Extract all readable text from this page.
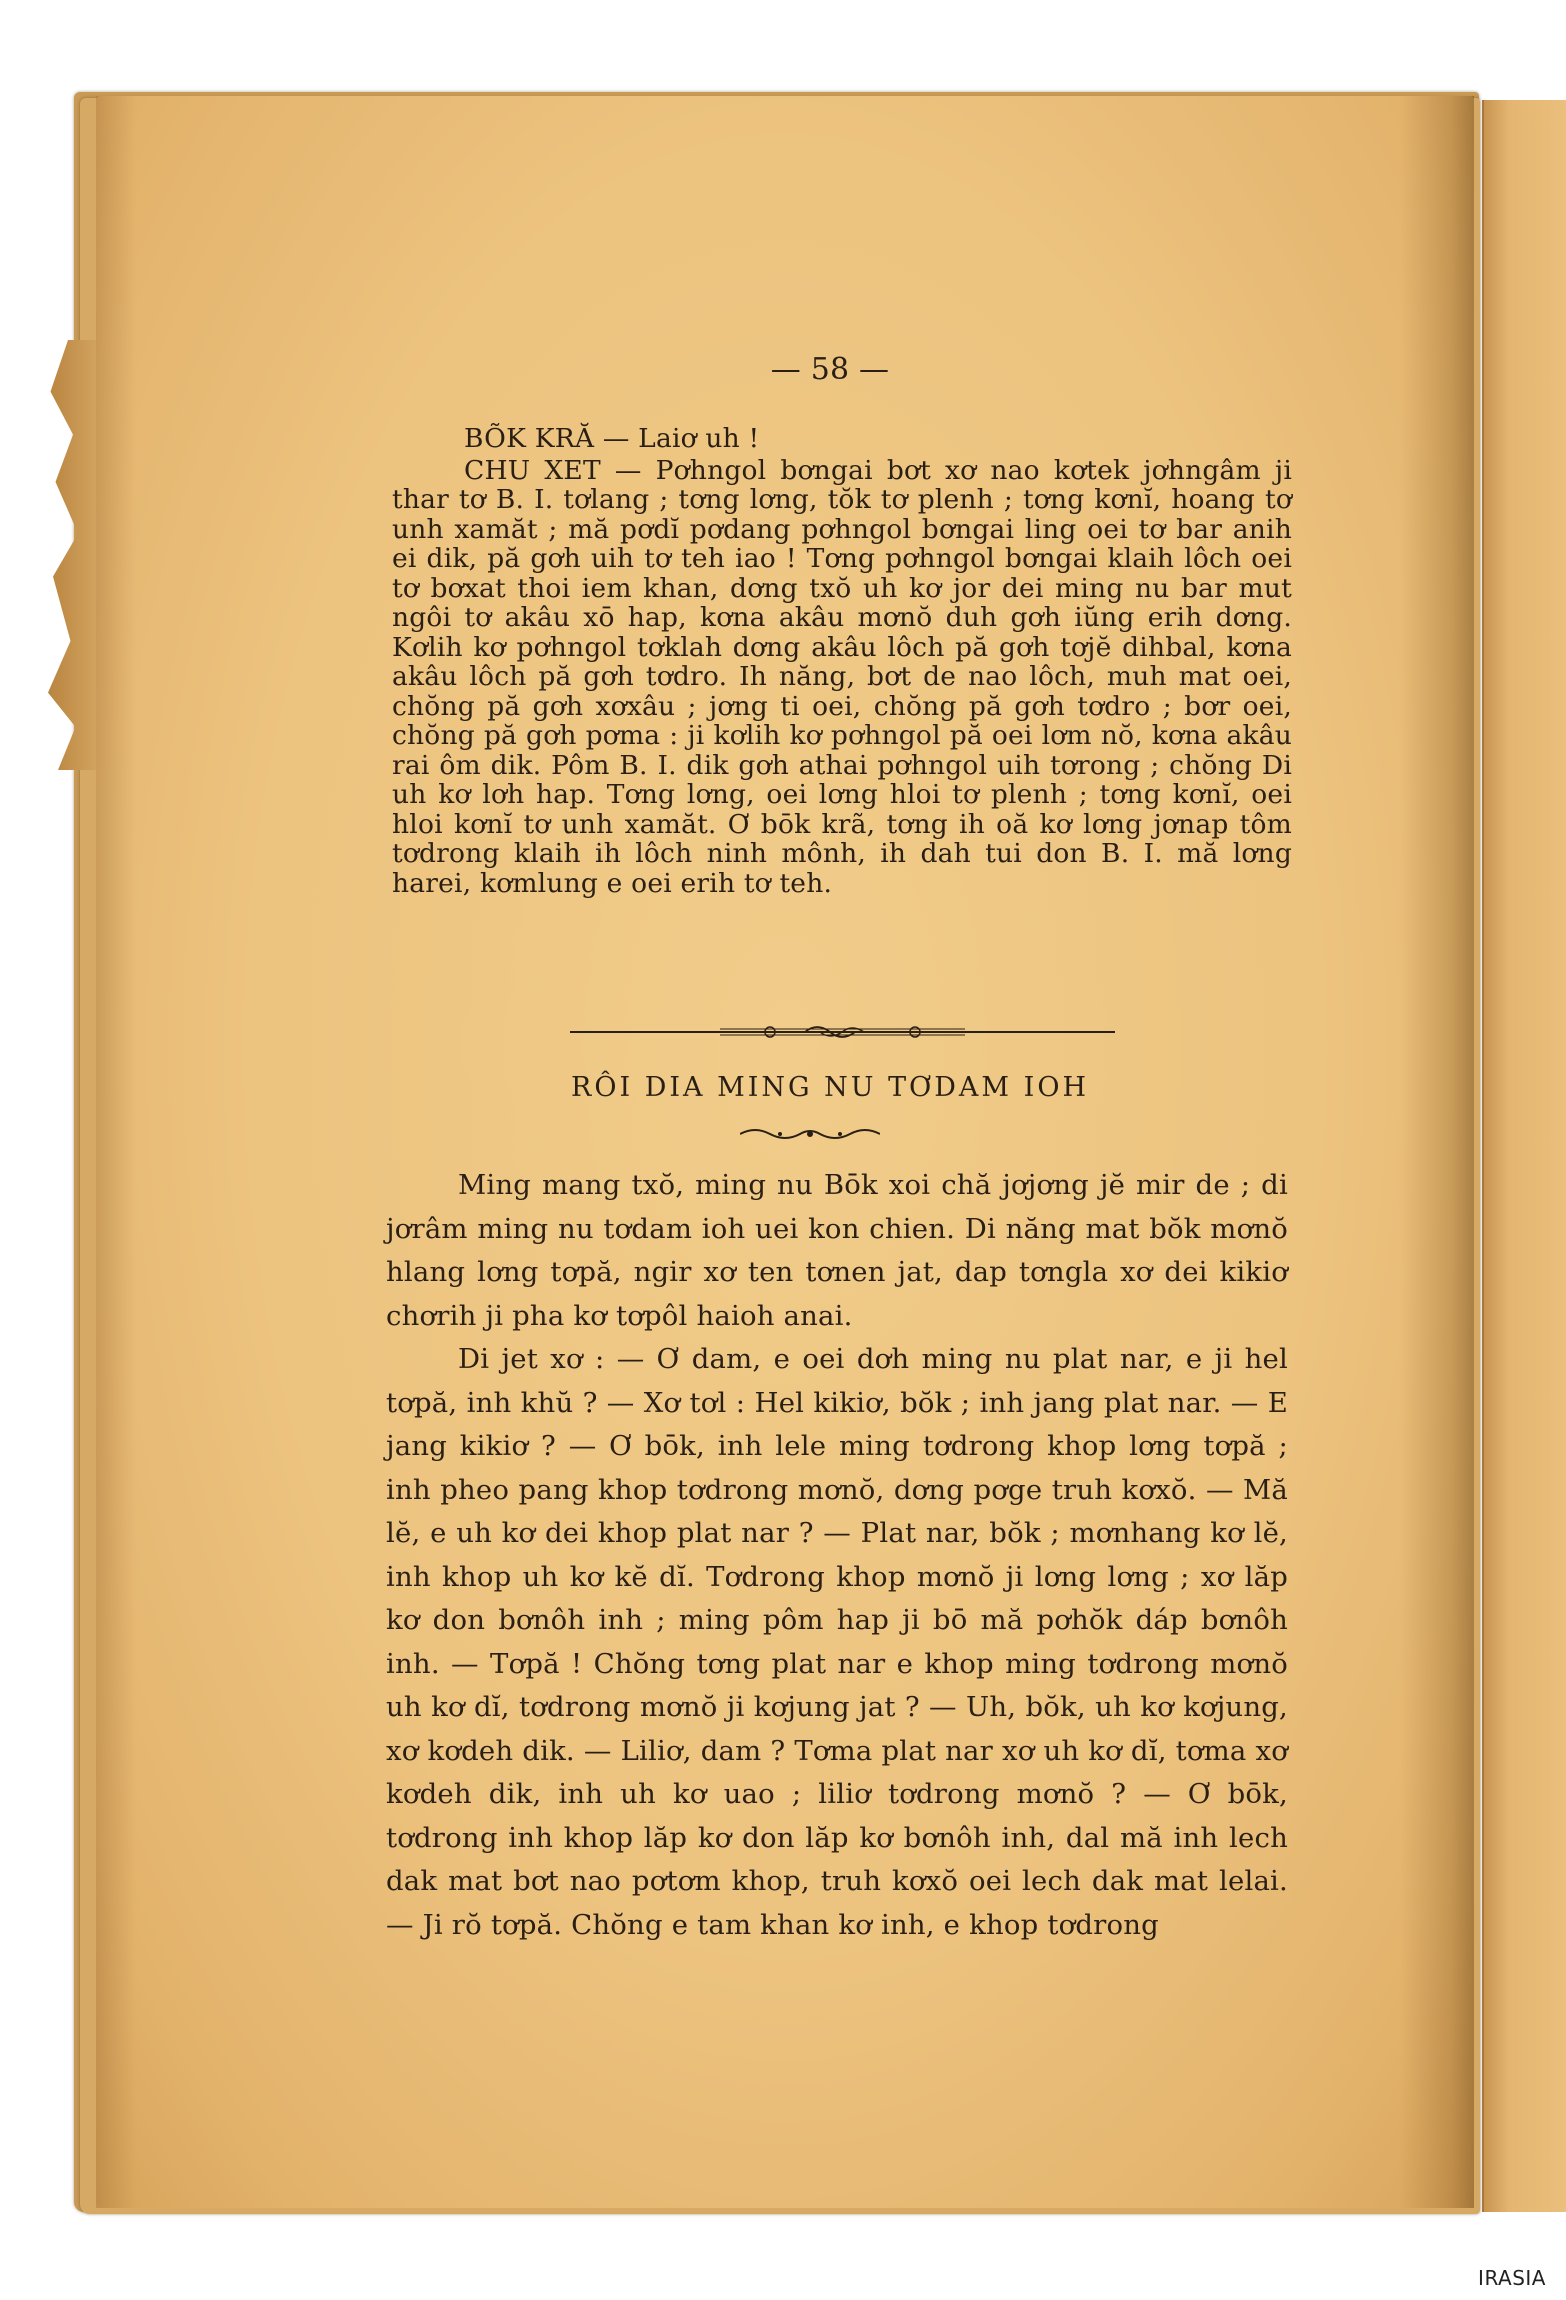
— 58 —

BÕK KRĂ — Laiơ uh !

CHU XET — Pơhngol bơngai bơt xơ nao kơtek jơhngâm ji thar tơ B. I. tơlang ; tơng lơng, tŏk tơ plenh ; tơng kơnĭ, hoang tơ unh xamăt ; mă pơdĭ pơdang pơhngol bơngai ling oei tơ bar anih ei dik, pă gơh uih tơ teh iao ! Tơng pơhngol bơngai klaih lôch oei tơ bơxat thoi iem khan, dơng txŏ uh kơ jor dei ming nu bar mut ngôi tơ akâu xō hap, kơna akâu mơnŏ duh gơh iŭng erih dơng. Kơlih kơ pơhngol tơklah dơng akâu lôch pă gơh tơjĕ dihbal, kơna akâu lôch pă gơh tơdro. Ih năng, bơt de nao lôch, muh mat oei, chŏng pă gơh xơxâu ; jơng ti oei, chŏng pă gơh tơdro ; bơr oei, chŏng pă gơh pơma : ji kơlih kơ pơhngol pă oei lơm nŏ, kơna akâu rai ôm dik. Pôm B. I. dik gơh athai pơhngol uih tơrong ; chŏng Di uh kơ lơh hap. Tơng lơng, oei lơng hloi tơ plenh ; tơng kơnĭ, oei hloi kơnĭ tơ unh xamăt. Ơ bōk krã, tơng ih oă kơ lơng jơnap tôm tơdrong klaih ih lôch ninh mônh, ih dah tui don B. I. mă lơng harei, kơmlung e oei erih tơ teh.

RÔI DIA MING NU TƠDAM IOH

Ming mang txŏ, ming nu Bōk xoi chă jơjơng jĕ mir de ; di jơrâm ming nu tơdam ioh uei kon chien. Di năng mat bŏk mơnŏ hlang lơng tơpă, ngir xơ ten tơnen jat, dap tơngla xơ dei kikiơ chơrih ji pha kơ tơpôl haioh anai.

Di jet xơ : — Ơ dam, e oei dơh ming nu plat nar, e ji hel tơpă, inh khŭ ? — Xơ tơl : Hel kikiơ, bŏk ; inh jang plat nar. — E jang kikiơ ? — Ơ bōk, inh lele ming tơdrong khop lơng tơpă ; inh pheo pang khop tơdrong mơnŏ, dơng pơge truh kơxŏ. — Mă lĕ, e uh kơ dei khop plat nar ? — Plat nar, bŏk ; mơnhang kơ lĕ, inh khop uh kơ kĕ dĭ. Tơdrong khop mơnŏ ji lơng lơng ; xơ lăp kơ don bơnôh inh ; ming pôm hap ji bō mă pơhŏk dáp bơnôh inh. — Tơpă ! Chŏng tơng plat nar e khop ming tơdrong mơnŏ uh kơ dĭ, tơdrong mơnŏ ji kơjung jat ? — Uh, bŏk, uh kơ kơjung, xơ kơdeh dik. — Liliơ, dam ? Tơma plat nar xơ uh kơ dĭ, tơma xơ kơdeh dik, inh uh kơ uao ; liliơ tơdrong mơnŏ ? — Ơ bōk, tơdrong inh khop lăp kơ don lăp kơ bơnôh inh, dal mă inh lech dak mat bơt nao pơtơm khop, truh kơxŏ oei lech dak mat lelai. — Ji rŏ tơpă. Chŏng e tam khan kơ inh, e khop tơdrong

IRASIA
